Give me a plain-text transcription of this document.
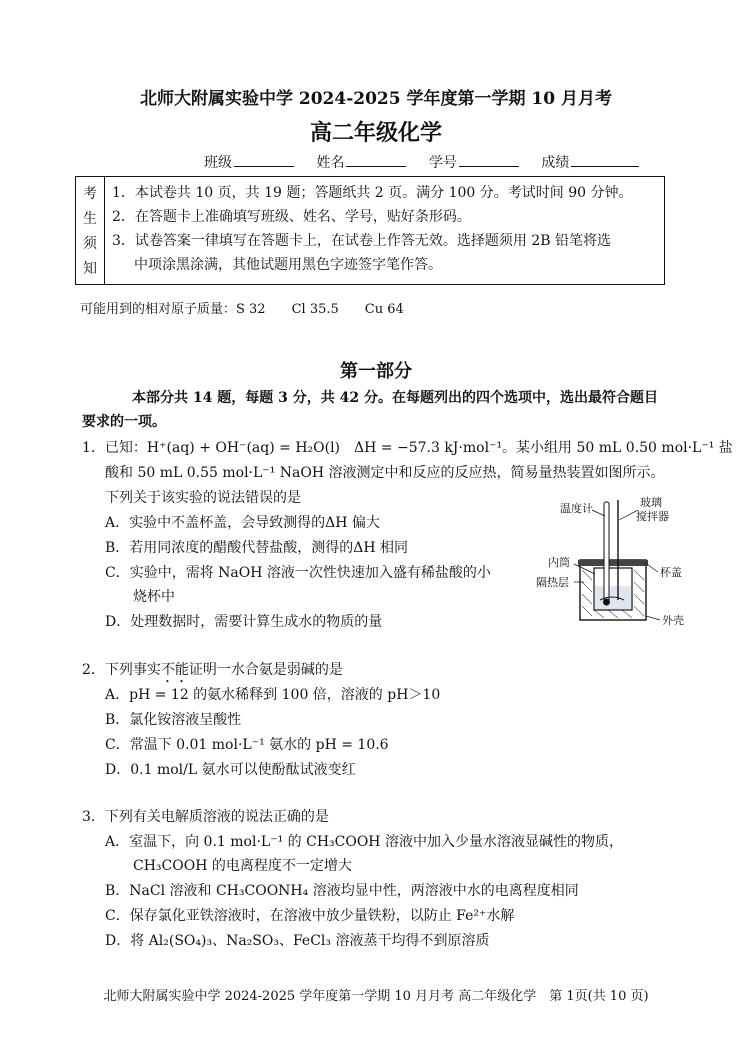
北师大附属实验中学 2024-2025 学年度第一学期 10 月月考
高二年级化学
班级	姓名	学号	成绩
考
生
须
知
1．本试卷共 10 页，共 19 题；答题纸共 2 页。满分 100 分。考试时间 90 分钟。
2．在答题卡上准确填写班级、姓名、学号，贴好条形码。
3．试卷答案一律填写在答题卡上，在试卷上作答无效。选择题须用 2B 铅笔将选
中项涂黑涂满，其他试题用黑色字迹签字笔作答。
可能用到的相对原子质量：S 32　　Cl 35.5　　Cu 64
第一部分
本部分共 14 题，每题 3 分，共 42 分。在每题列出的四个选项中，选出最符合题目
要求的一项。
1．已知：H⁺(aq) + OH⁻(aq) = H₂O(l)　ΔH = −57.3 kJ·mol⁻¹。某小组用 50 mL 0.50 mol·L⁻¹ 盐
酸和 50 mL 0.55 mol·L⁻¹ NaOH 溶液测定中和反应的反应热，简易量热装置如图所示。
下列关于该实验的说法错误的是
A．实验中不盖杯盖，会导致测得的ΔH 偏大
B．若用同浓度的醋酸代替盐酸，测得的ΔH 相同
C．实验中，需将 NaOH 溶液一次性快速加入盛有稀盐酸的小
烧杯中
D．处理数据时，需要计算生成水的物质的量
温度计	玻璃
搅拌器
内筒
隔热层
杯盖
外壳
2．下列事实不能证明一水合氨是弱碱的是
A．pH = 12 的氨水稀释到 100 倍，溶液的 pH＞10
B．氯化铵溶液呈酸性
C．常温下 0.01 mol·L⁻¹ 氨水的 pH = 10.6
D．0.1 mol/L 氨水可以使酚酞试液变红
3．下列有关电解质溶液的说法正确的是
A．室温下，向 0.1 mol·L⁻¹ 的 CH₃COOH 溶液中加入少量水溶液显碱性的物质，
CH₃COOH 的电离程度不一定增大
B．NaCl 溶液和 CH₃COONH₄ 溶液均显中性，两溶液中水的电离程度相同
C．保存氯化亚铁溶液时，在溶液中放少量铁粉，以防止 Fe²⁺水解
D．将 Al₂(SO₄)₃、Na₂SO₃、FeCl₃ 溶液蒸干均得不到原溶质
北师大附属实验中学 2024-2025 学年度第一学期 10 月月考 高二年级化学　第 1页(共 10 页)
